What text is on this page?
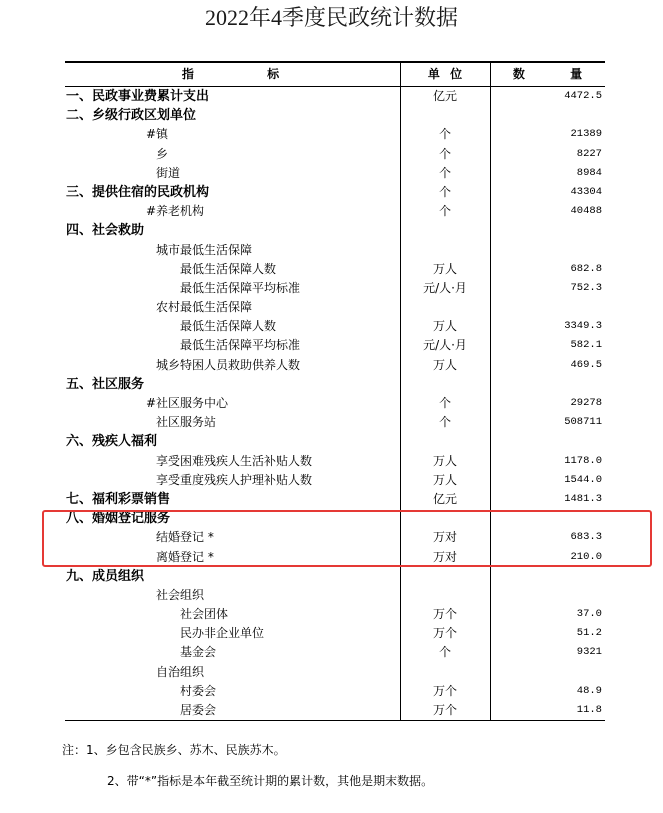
2022年4季度民政统计数据
指 标	单 位	数 量
一、民政事业费累计支出	亿元	4472.5
二、乡级行政区划单位
#镇	个	21389
乡	个	8227
街道	个	8984
三、提供住宿的民政机构	个	43304
#养老机构	个	40488
四、社会救助
城市最低生活保障
最低生活保障人数	万人	682.8
最低生活保障平均标准	元/人·月	752.3
农村最低生活保障
最低生活保障人数	万人	3349.3
最低生活保障平均标准	元/人·月	582.1
城乡特困人员救助供养人数	万人	469.5
五、社区服务
#社区服务中心	个	29278
社区服务站	个	508711
六、残疾人福利
享受困难残疾人生活补贴人数	万人	1178.0
享受重度残疾人护理补贴人数	万人	1544.0
七、福利彩票销售	亿元	1481.3
八、婚姻登记服务
结婚登记 *	万对	683.3
离婚登记 *	万对	210.0
九、成员组织
社会组织
社会团体	万个	37.0
民办非企业单位	万个	51.2
基金会	个	9321
自治组织
村委会	万个	48.9
居委会	万个	11.8
注：1、乡包含民族乡、苏木、民族苏木。
2、带“*”指标是本年截至统计期的累计数，其他是期末数据。
